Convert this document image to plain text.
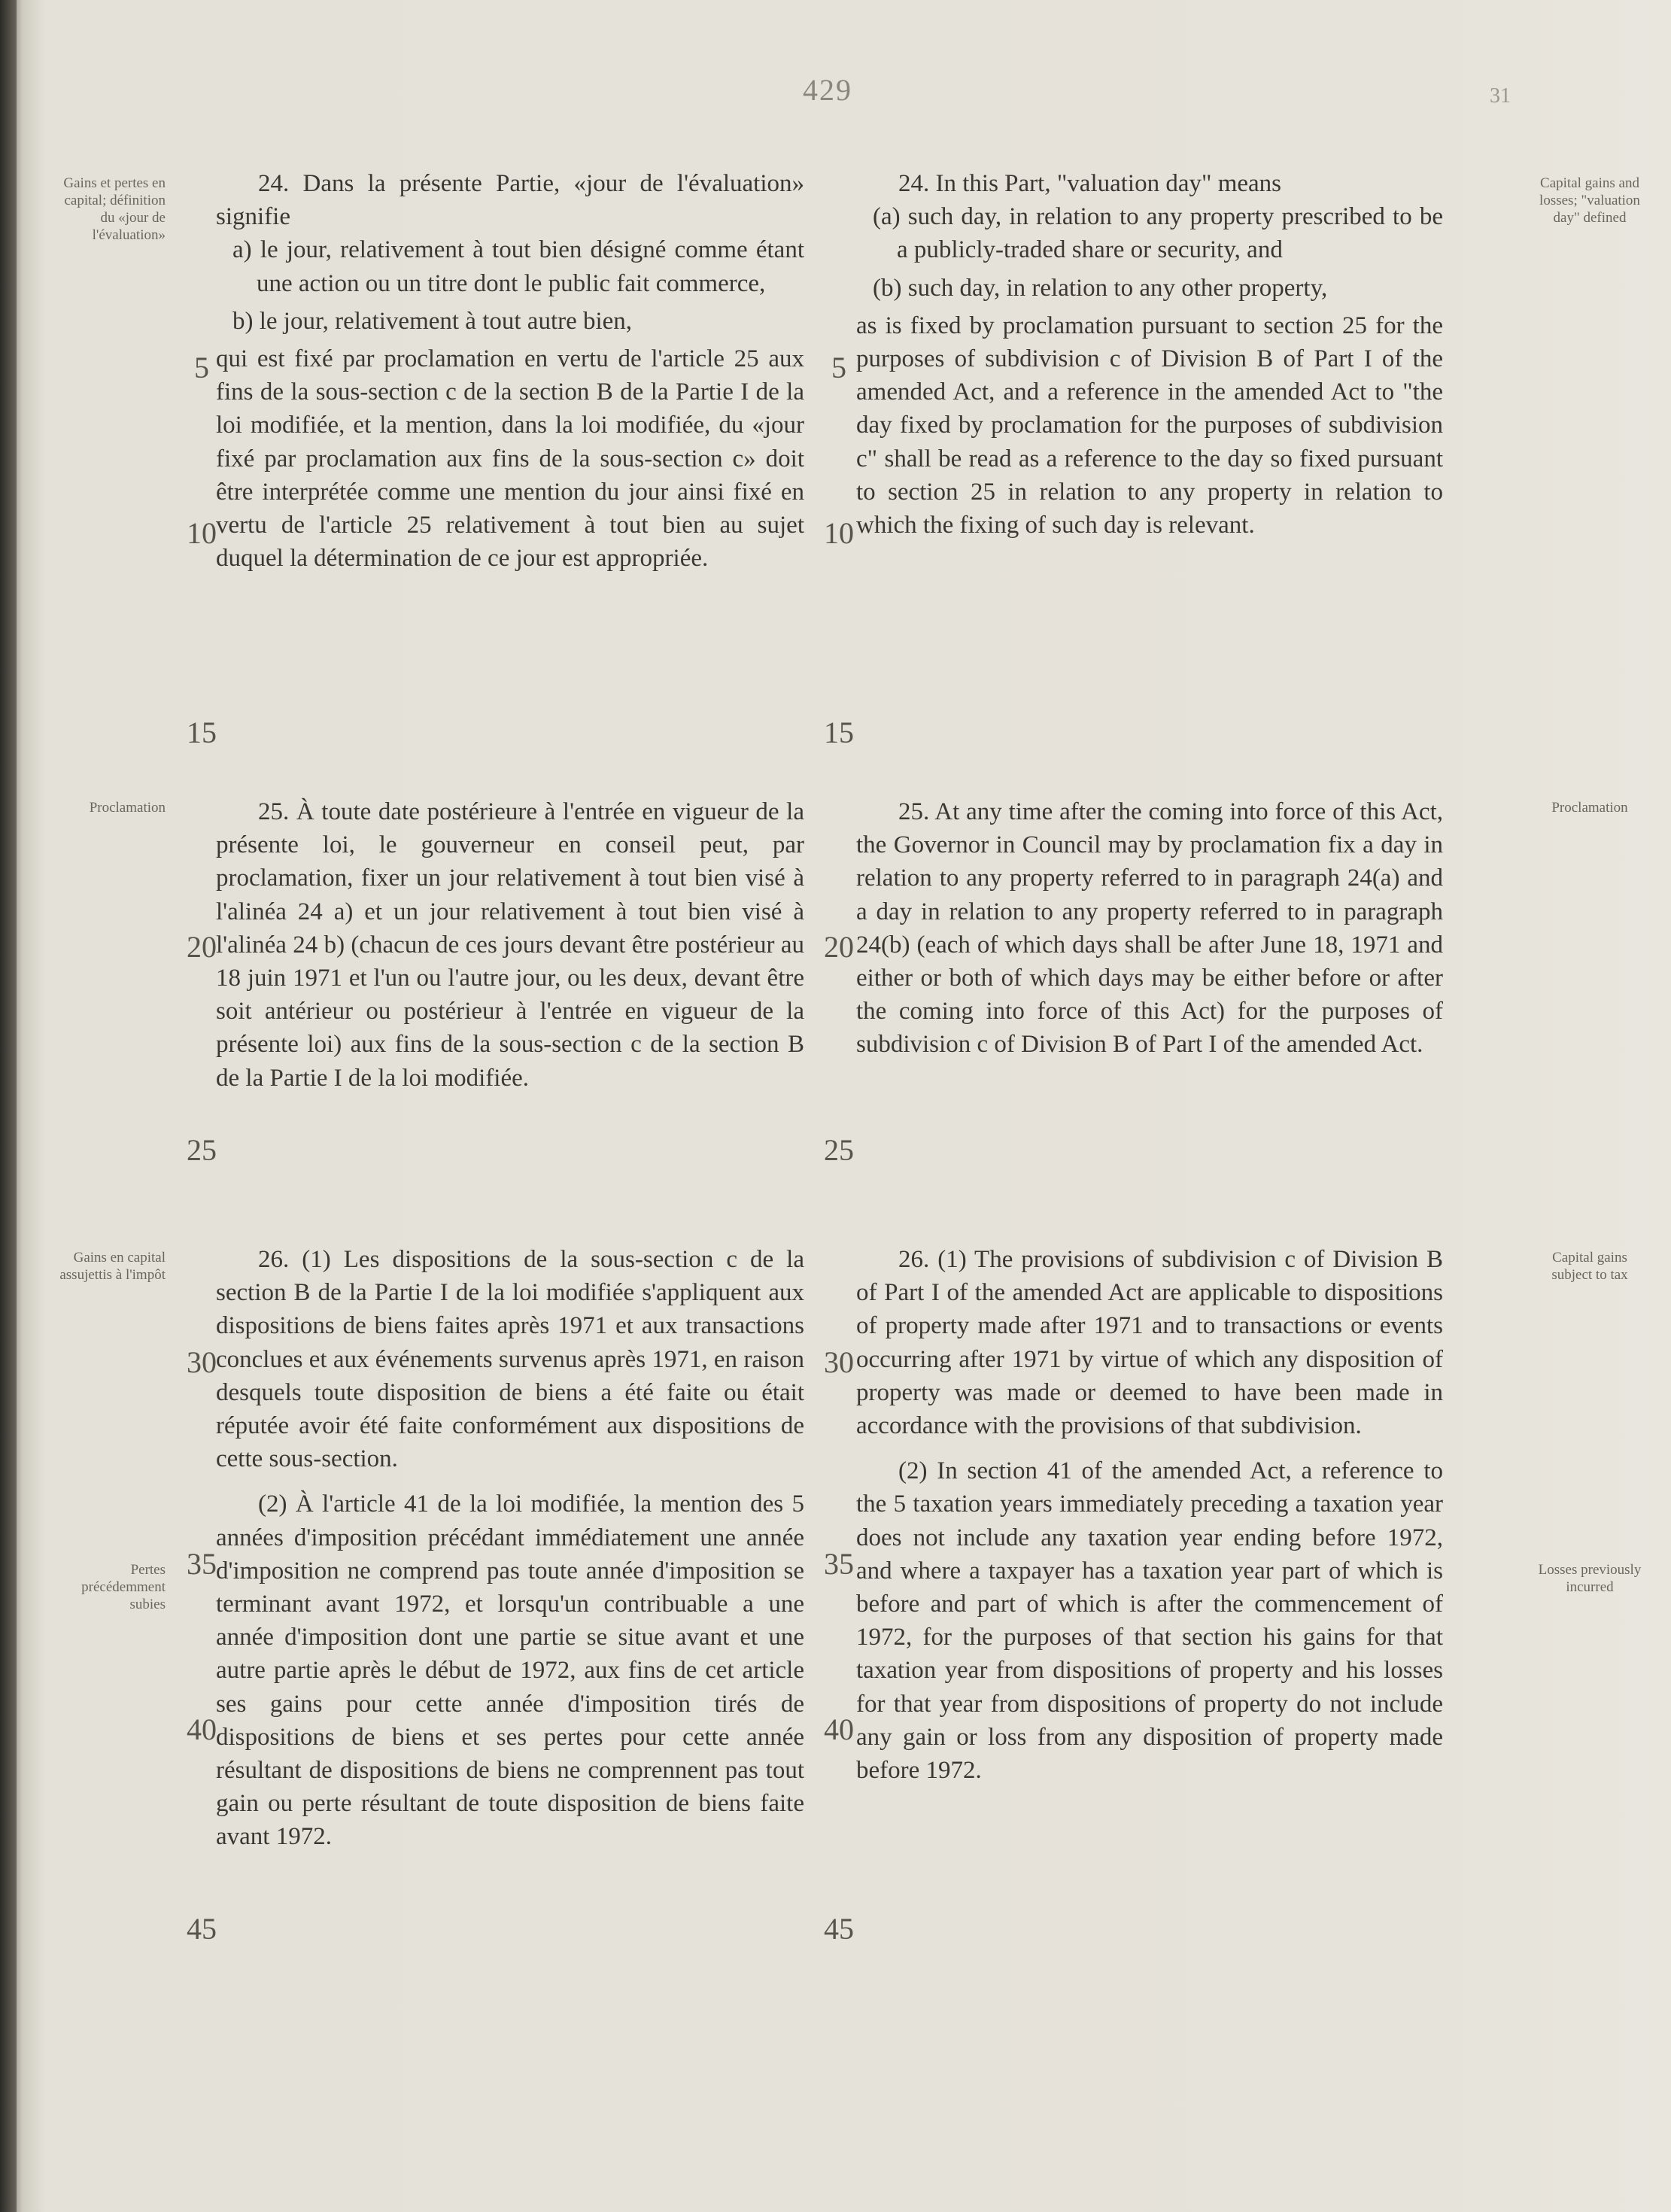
429	31

24. In this Part, "valuation day" means

(a) such day, in relation to any property prescribed to be a publicly-traded share or security, and

(b) such day, in relation to any other property,

as is fixed by proclamation pursuant to section 25 for the purposes of subdivision c of Division B of Part I of the amended Act, and a reference in the amended Act to "the day fixed by proclamation for the purposes of subdivision c" shall be read as a reference to the day so fixed pursuant to section 25 in relation to any property in relation to which the fixing of such day is relevant.

25. At any time after the coming into force of this Act, the Governor in Council may by proclamation fix a day in relation to any property referred to in paragraph 24(a) and a day in relation to any property referred to in paragraph 24(b) (each of which days shall be after June 18, 1971 and either or both of which days may be either before or after the coming into force of this Act) for the purposes of subdivision c of Division B of Part I of the amended Act.

26. (1) The provisions of subdivision c of Division B of Part I of the amended Act are applicable to dispositions of property made after 1971 and to transactions or events occurring after 1971 by virtue of which any disposition of property was made or deemed to have been made in accordance with the provisions of that subdivision.

(2) In section 41 of the amended Act, a reference to the 5 taxation years immediately preceding a taxation year does not include any taxation year ending before 1972, and where a taxpayer has a taxation year part of which is before and part of which is after the commencement of 1972, for the purposes of that section his gains for that taxation year from dispositions of property and his losses for that year from dispositions of property do not include any gain or loss from any disposition of property made before 1972.

24. Dans la présente Partie, «jour de l'évaluation» signifie

a) le jour, relativement à tout bien désigné comme étant une action ou un titre dont le public fait commerce,

b) le jour, relativement à tout autre bien,

qui est fixé par proclamation en vertu de l'article 25 aux fins de la sous-section c de la section B de la Partie I de la loi modifiée, et la mention, dans la loi modifiée, du «jour fixé par proclamation aux fins de la sous-section c» doit être interprétée comme une mention du jour ainsi fixé en vertu de l'article 25 relativement à tout bien au sujet duquel la détermination de ce jour est appropriée.

25. À toute date postérieure à l'entrée en vigueur de la présente loi, le gouverneur en conseil peut, par proclamation, fixer un jour relativement à tout bien visé à l'alinéa 24 a) et un jour relativement à tout bien visé à l'alinéa 24 b) (chacun de ces jours devant être postérieur au 18 juin 1971 et l'un ou l'autre jour, ou les deux, devant être soit antérieur ou postérieur à l'entrée en vigueur de la présente loi) aux fins de la sous-section c de la section B de la Partie I de la loi modifiée.

26. (1) Les dispositions de la sous-section c de la section B de la Partie I de la loi modifiée s'appliquent aux dispositions de biens faites après 1971 et aux transactions conclues et aux événements survenus après 1971, en raison desquels toute disposition de biens a été faite ou était réputée avoir été faite conformément aux dispositions de cette sous-section.

(2) À l'article 41 de la loi modifiée, la mention des 5 années d'imposition précédant immédiatement une année d'imposition ne comprend pas toute année d'imposition se terminant avant 1972, et lorsqu'un contribuable a une année d'imposition dont une partie se situe avant et une autre partie après le début de 1972, aux fins de cet article ses gains pour cette année d'imposition tirés de dispositions de biens et ses pertes pour cette année résultant de dispositions de biens ne comprennent pas tout gain ou perte résultant de toute disposition de biens faite avant 1972.

5
10
15
20
25
30
35
40
45
5
10
15
20
25
30
35
40
45
Capital gains and losses; "valuation day" defined
Proclamation
Capital gains subject to tax
Losses previously incurred
Gains et pertes en capital; définition du «jour de l'évaluation»
Proclamation
Gains en capital assujettis à l'impôt
Pertes précédemment subies
